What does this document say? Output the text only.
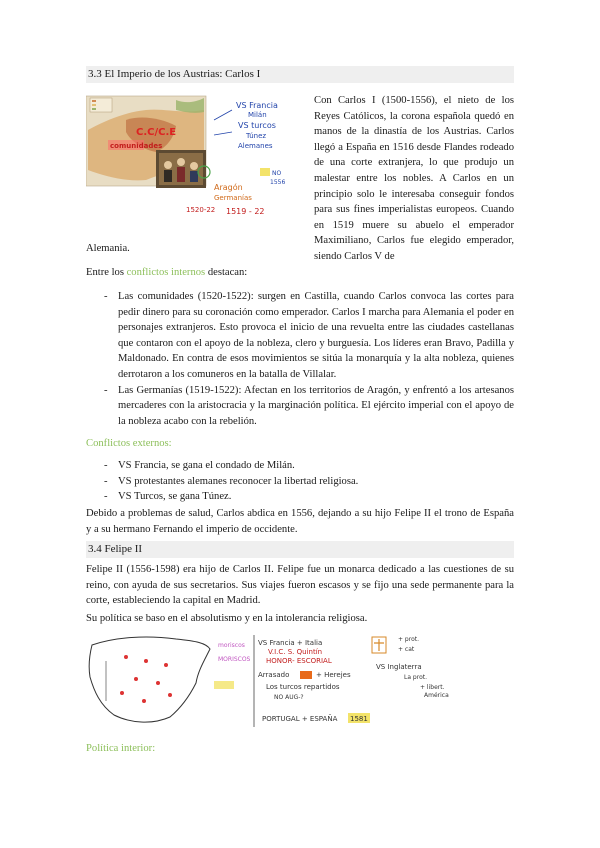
3.3 El Imperio de los Austrias: Carlos I
comunidades
C.C/C.E
VS Francia
Milán
VS turcos
Túnez
Alemanes
NO
1556
Aragón
Germanías
1519 - 22
1520-22
Con Carlos I (1500-1556), el nieto de los Reyes Católicos, la corona española quedó en manos de la dinastía de los Austrias. Carlos llegó a España en 1516 desde Flandes rodeado de una corte extranjera, lo que produjo un malestar entre los nobles. A Carlos en un principio solo le interesaba conseguir fondos para sus fines imperialistas europeos. Cuando en 1519 muere su abuelo el emperador Maximiliano, Carlos fue elegido emperador, siendo Carlos V de
Alemania.
Entre los conflictos internos destacan:
- Las comunidades (1520-1522): surgen en Castilla, cuando Carlos convoca las cortes para pedir dinero para su coronación como emperador. Carlos I marcha para Alemania el poder en personajes extranjeros. Esto provoca el inicio de una revuelta entre las ciudades castellanas que contaron con el apoyo de la nobleza, clero y burguesía. Los líderes eran Bravo, Padilla y Maldonado. En contra de esos movimientos se sitúa la monarquía y la alta nobleza, quienes derrotaron a los comuneros en la batalla de Villalar.
- Las Germanías (1519-1522): Afectan en los territorios de Aragón, y enfrentó a los artesanos mercaderes con la aristocracia y la marginación política. El ejército imperial con el apoyo de la nobleza acabo con la rebelión.
Conflictos externos:
- VS Francia, se gana el condado de Milán.
- VS protestantes alemanes reconocer la libertad religiosa.
- VS Turcos, se gana Túnez.
Debido a problemas de salud, Carlos abdica en 1556, dejando a su hijo Felipe II el trono de España y a su hermano Fernando el imperio de occidente.
3.4 Felipe II
Felipe II (1556-1598) era hijo de Carlos II. Felipe fue un monarca dedicado a las cuestiones de su reino, con ayuda de sus secretarios. Sus viajes fueron escasos y se fijo una sede permanente para la corte, estableciendo la capital en Madrid.
Su política se baso en el absolutismo y en la intolerancia religiosa.
moriscos
MORISCOS
VS Francia + Italia
V.I.C. S. Quintín
HONOR- ESCORIAL
Arrasado	+ Herejes
Los turcos repartidos
NO AUG-?
+ prot.
+ cat
VS Inglaterra
La prot.
+ libert.
América
PORTUGAL + ESPAÑA 1581
Política interior:
